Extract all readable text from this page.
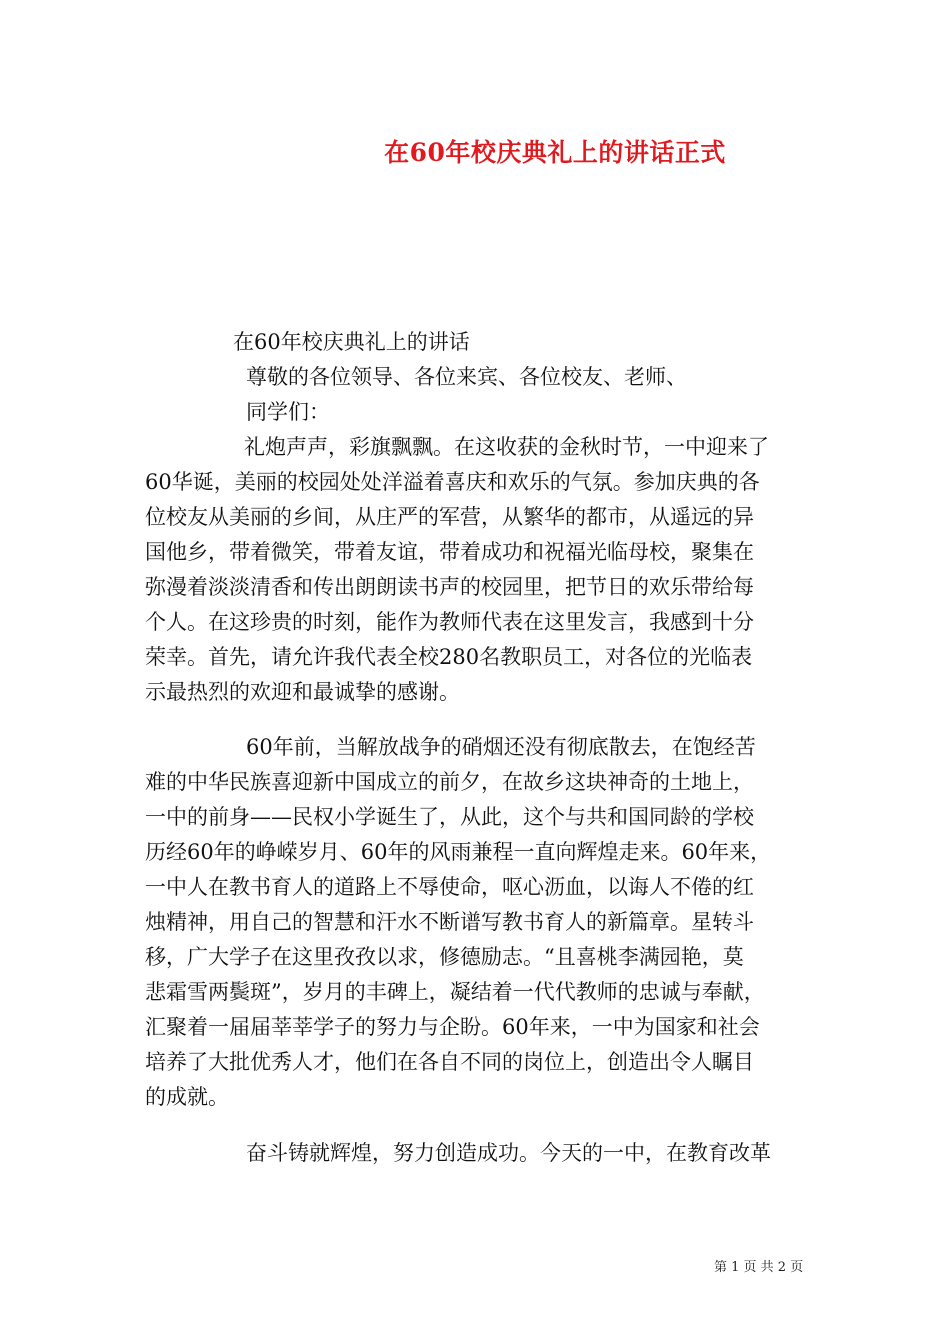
在60年校庆典礼上的讲话正式
在60年校庆典礼上的讲话
尊敬的各位领导、各位来宾、各位校友、老师、
同学们：
礼炮声声，彩旗飘飘。在这收获的金秋时节，一中迎来了
60华诞，美丽的校园处处洋溢着喜庆和欢乐的气氛。参加庆典的各
位校友从美丽的乡间，从庄严的军营，从繁华的都市，从遥远的异
国他乡，带着微笑，带着友谊，带着成功和祝福光临母校，聚集在
弥漫着淡淡清香和传出朗朗读书声的校园里，把节日的欢乐带给每
个人。在这珍贵的时刻，能作为教师代表在这里发言，我感到十分
荣幸。首先，请允许我代表全校280名教职员工，对各位的光临表
示最热烈的欢迎和最诚挚的感谢。
60年前，当解放战争的硝烟还没有彻底散去，在饱经苦
难的中华民族喜迎新中国成立的前夕，在故乡这块神奇的土地上，
一中的前身——民权小学诞生了，从此，这个与共和国同龄的学校
历经60年的峥嵘岁月、60年的风雨兼程一直向辉煌走来。60年来，
一中人在教书育人的道路上不辱使命，呕心沥血，以诲人不倦的红
烛精神，用自己的智慧和汗水不断谱写教书育人的新篇章。星转斗
移，广大学子在这里孜孜以求，修德励志。“且喜桃李满园艳，莫
悲霜雪两鬓斑”，岁月的丰碑上，凝结着一代代教师的忠诚与奉献，
汇聚着一届届莘莘学子的努力与企盼。60年来，一中为国家和社会
培养了大批优秀人才，他们在各自不同的岗位上，创造出令人瞩目
的成就。
奋斗铸就辉煌，努力创造成功。今天的一中，在教育改革
第 1 页 共 2 页
